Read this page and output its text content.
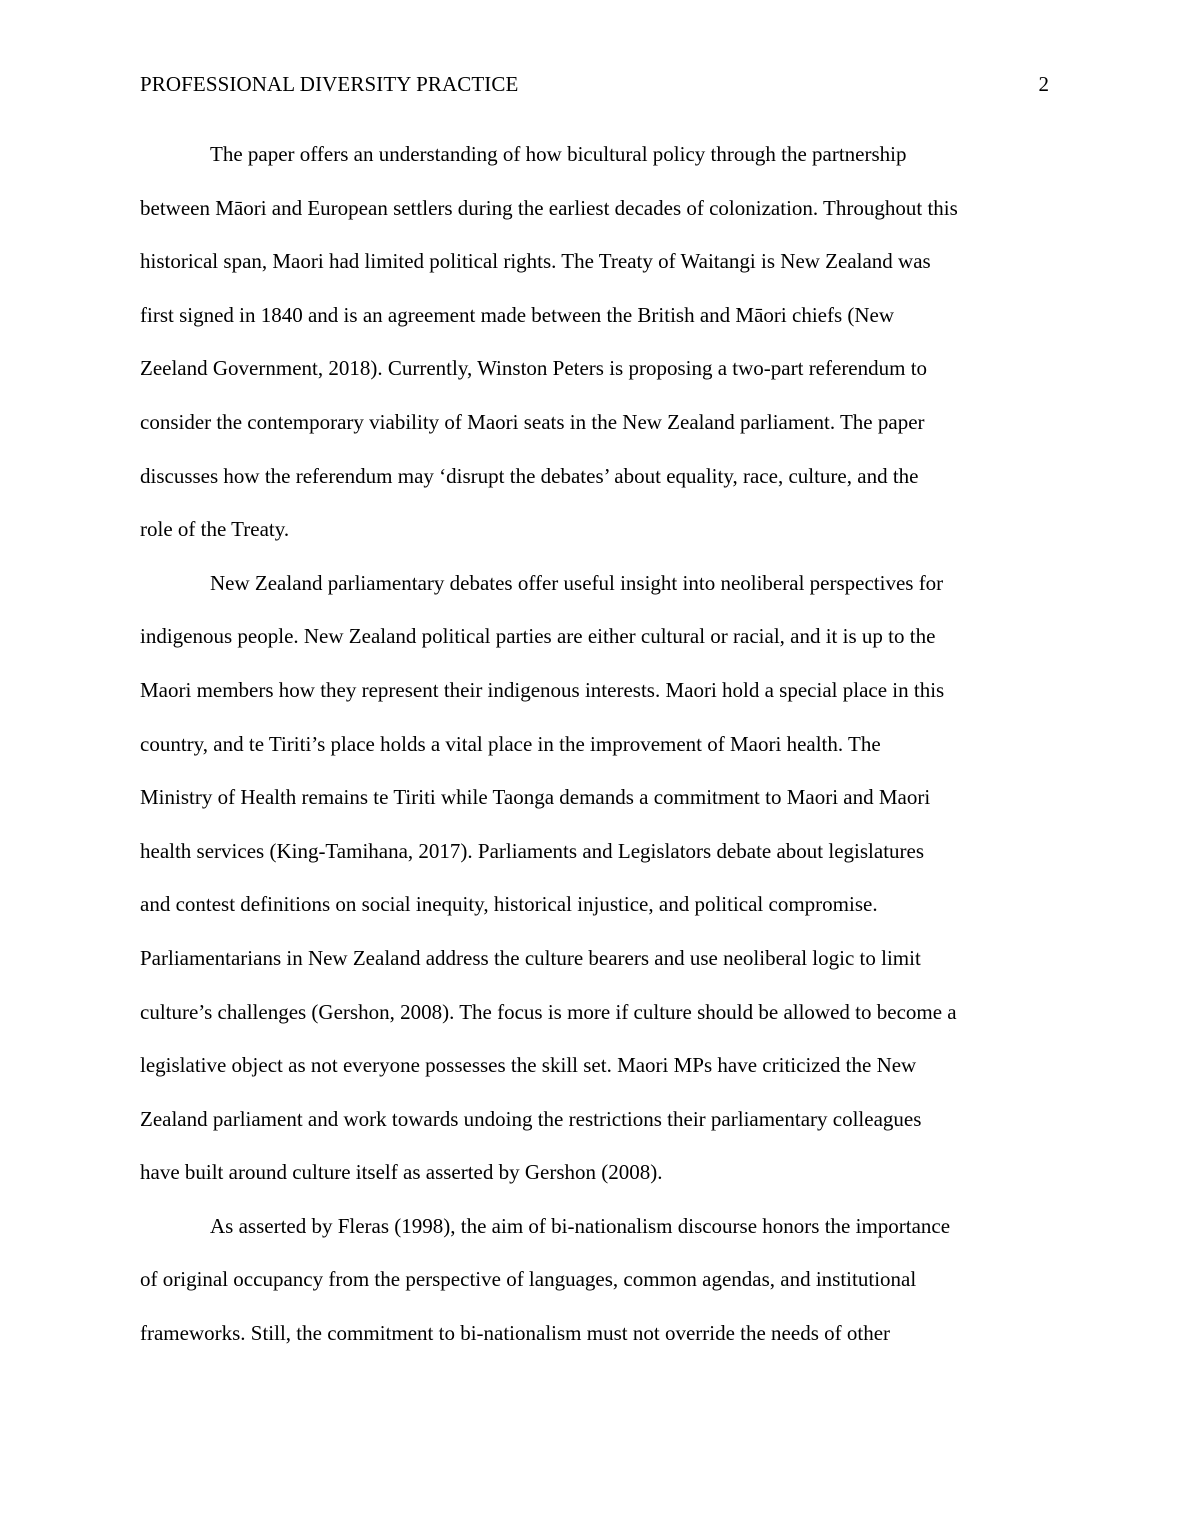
PROFESSIONAL DIVERSITY PRACTICE	2
The paper offers an understanding of how bicultural policy through the partnership
between Māori and European settlers during the earliest decades of colonization. Throughout this
historical span, Maori had limited political rights. The Treaty of Waitangi is New Zealand was
first signed in 1840 and is an agreement made between the British and Māori chiefs (New
Zeeland Government, 2018). Currently, Winston Peters is proposing a two-part referendum to
consider the contemporary viability of Maori seats in the New Zealand parliament. The paper
discusses how the referendum may ‘disrupt the debates’ about equality, race, culture, and the
role of the Treaty.
New Zealand parliamentary debates offer useful insight into neoliberal perspectives for
indigenous people. New Zealand political parties are either cultural or racial, and it is up to the
Maori members how they represent their indigenous interests. Maori hold a special place in this
country, and te Tiriti’s place holds a vital place in the improvement of Maori health. The
Ministry of Health remains te Tiriti while Taonga demands a commitment to Maori and Maori
health services (King-Tamihana, 2017). Parliaments and Legislators debate about legislatures
and contest definitions on social inequity, historical injustice, and political compromise.
Parliamentarians in New Zealand address the culture bearers and use neoliberal logic to limit
culture’s challenges (Gershon, 2008). The focus is more if culture should be allowed to become a
legislative object as not everyone possesses the skill set. Maori MPs have criticized the New
Zealand parliament and work towards undoing the restrictions their parliamentary colleagues
have built around culture itself as asserted by Gershon (2008).
As asserted by Fleras (1998), the aim of bi-nationalism discourse honors the importance
of original occupancy from the perspective of languages, common agendas, and institutional
frameworks. Still, the commitment to bi-nationalism must not override the needs of other
